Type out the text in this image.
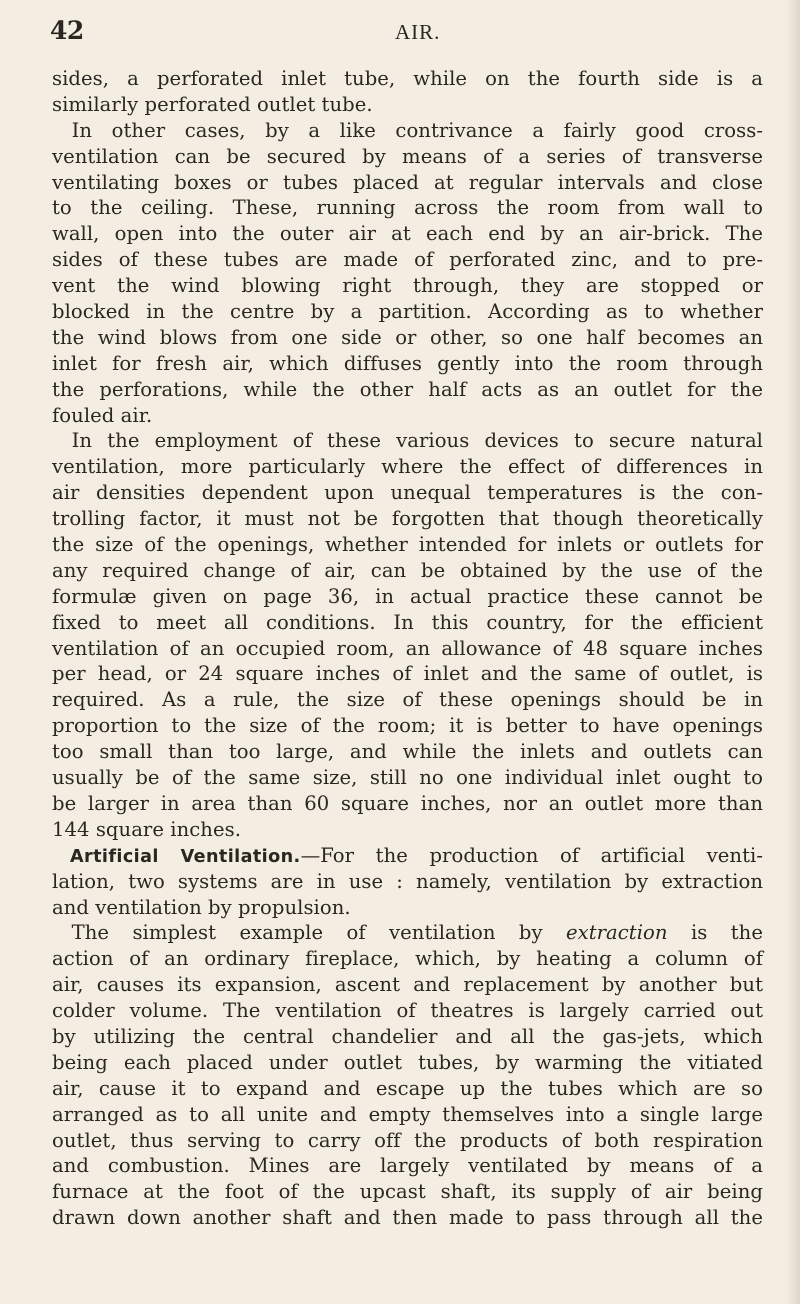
42	AIR.
sides, a perforated inlet tube, while on the fourth side is a
similarly perforated outlet tube.
 In other cases, by a like contrivance a fairly good cross-
ventilation can be secured by means of a series of transverse
ventilating boxes or tubes placed at regular intervals and close
to the ceiling. These, running across the room from wall to
wall, open into the outer air at each end by an air-brick. The
sides of these tubes are made of perforated zinc, and to pre-
vent the wind blowing right through, they are stopped or
blocked in the centre by a partition. According as to whether
the wind blows from one side or other, so one half becomes an
inlet for fresh air, which diffuses gently into the room through
the perforations, while the other half acts as an outlet for the
fouled air.
 In the employment of these various devices to secure natural
ventilation, more particularly where the effect of differences in
air densities dependent upon unequal temperatures is the con-
trolling factor, it must not be forgotten that though theoretically
the size of the openings, whether intended for inlets or outlets for
any required change of air, can be obtained by the use of the
formulæ given on page 36, in actual practice these cannot be
fixed to meet all conditions. In this country, for the efficient
ventilation of an occupied room, an allowance of 48 square inches
per head, or 24 square inches of inlet and the same of outlet, is
required. As a rule, the size of these openings should be in
proportion to the size of the room; it is better to have openings
too small than too large, and while the inlets and outlets can
usually be of the same size, still no one individual inlet ought to
be larger in area than 60 square inches, nor an outlet more than
144 square inches.
 Artificial Ventilation.—For the production of artificial venti-
lation, two systems are in use : namely, ventilation by extraction
and ventilation by propulsion.
 The simplest example of ventilation by extraction is the
action of an ordinary fireplace, which, by heating a column of
air, causes its expansion, ascent and replacement by another but
colder volume. The ventilation of theatres is largely carried out
by utilizing the central chandelier and all the gas-jets, which
being each placed under outlet tubes, by warming the vitiated
air, cause it to expand and escape up the tubes which are so
arranged as to all unite and empty themselves into a single large
outlet, thus serving to carry off the products of both respiration
and combustion. Mines are largely ventilated by means of a
furnace at the foot of the upcast shaft, its supply of air being
drawn down another shaft and then made to pass through all the
